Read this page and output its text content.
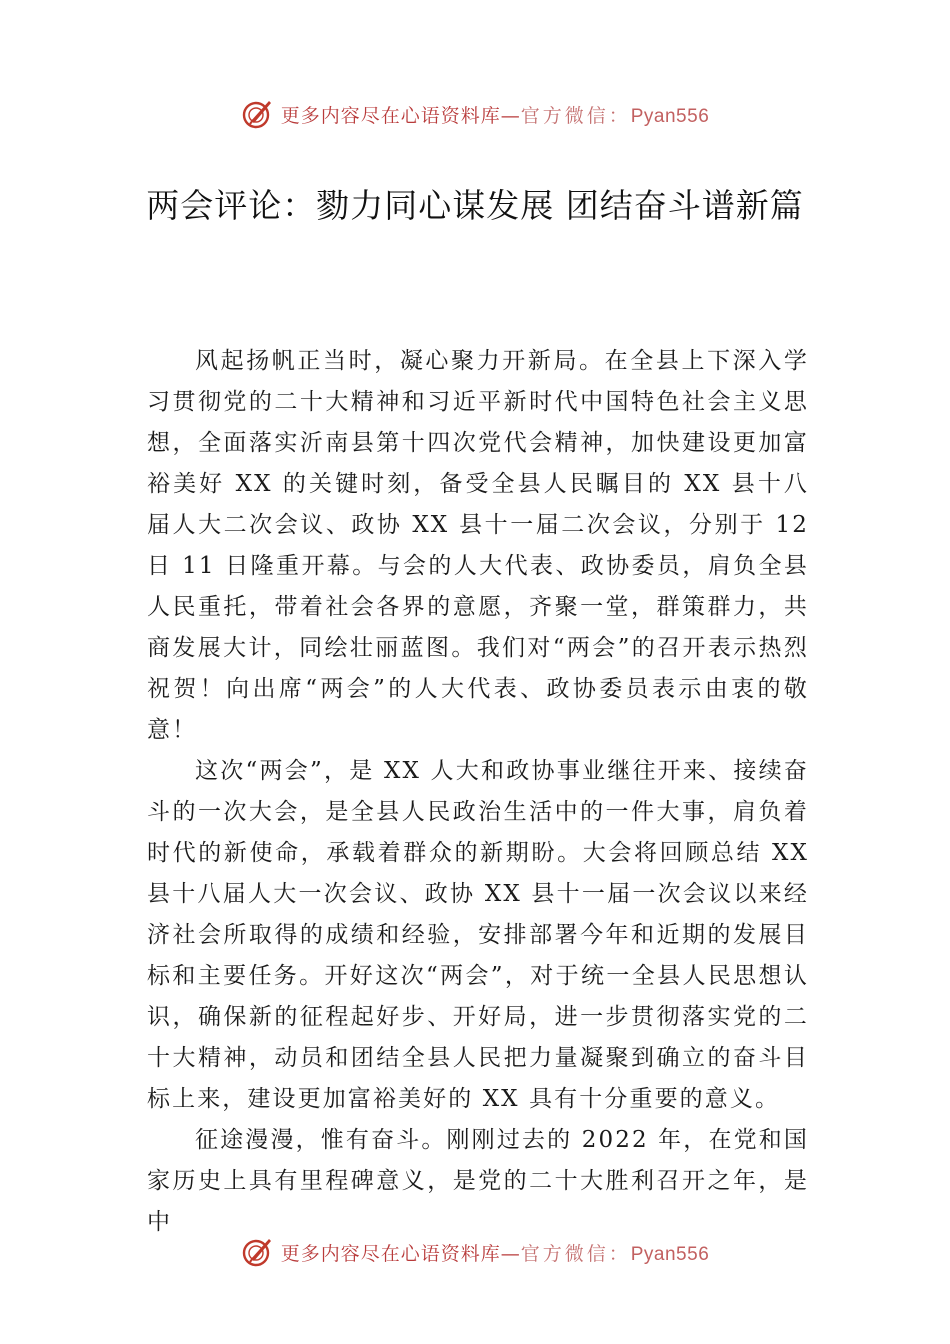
更多内容尽在心语资料库—官方微信：Pyan556
两会评论：勠力同心谋发展 团结奋斗谱新篇

风起扬帆正当时，凝心聚力开新局。在全县上下深入学习贯彻党的二十大精神和习近平新时代中国特色社会主义思想，全面落实沂南县第十四次党代会精神，加快建设更加富裕美好 XX 的关键时刻，备受全县人民瞩目的 XX 县十八届人大二次会议、政协 XX 县十一届二次会议，分别于 12 日 11 日隆重开幕。与会的人大代表、政协委员，肩负全县人民重托，带着社会各界的意愿，齐聚一堂，群策群力，共商发展大计，同绘壮丽蓝图。我们对“两会”的召开表示热烈祝贺！向出席“两会”的人大代表、政协委员表示由衷的敬意！

这次“两会”，是 XX 人大和政协事业继往开来、接续奋斗的一次大会，是全县人民政治生活中的一件大事，肩负着时代的新使命，承载着群众的新期盼。大会将回顾总结 XX 县十八届人大一次会议、政协 XX 县十一届一次会议以来经济社会所取得的成绩和经验，安排部署今年和近期的发展目标和主要任务。开好这次“两会”，对于统一全县人民思想认识，确保新的征程起好步、开好局，进一步贯彻落实党的二十大精神，动员和团结全县人民把力量凝聚到确立的奋斗目标上来，建设更加富裕美好的 XX 具有十分重要的意义。

征途漫漫，惟有奋斗。刚刚过去的 2022 年，在党和国家历史上具有里程碑意义，是党的二十大胜利召开之年，是中

更多内容尽在心语资料库—官方微信：Pyan556
